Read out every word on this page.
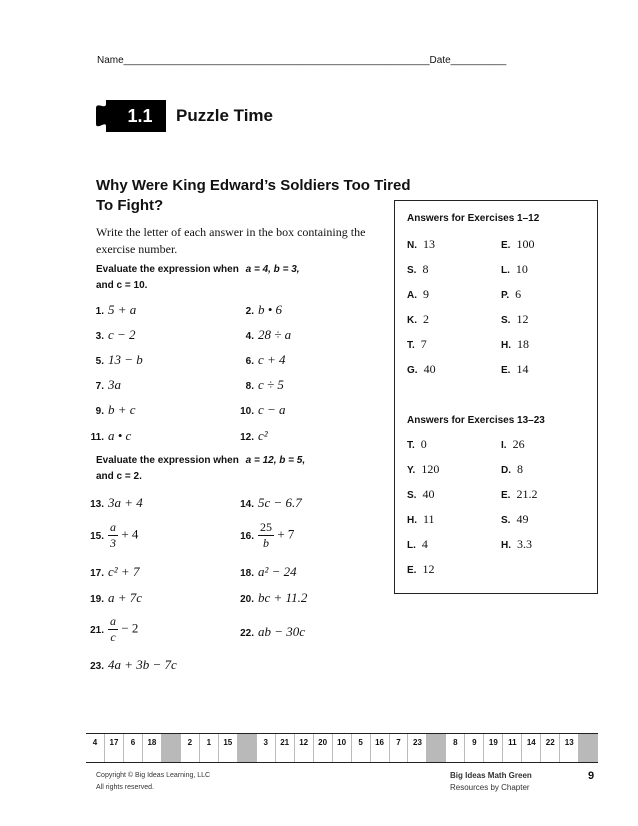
Name_______________________________________________________Date__________
1.1	Puzzle Time
Why Were King Edward’s Soldiers Too Tired
To Fight?
Write the letter of each answer in the box containing the exercise number.
Evaluate the expression when a = 4, b = 3,
and c = 10.
Evaluate the expression when a = 12, b = 5,
and c = 2.
1. 5 + a	2. b • 6
3. c − 2	4. 28 ÷ a
5. 13 − b	6. c + 4
7. 3a	8. c ÷ 5
9. b + c	10. c − a
11. a • c	12. c²
13. 3a + 4	14. 5c − 6.7
15. $\frac{a}{3} + 4$	16. $\frac{25}{b} + 7$
17. c² + 7	18. a² − 24
19. a + 7c	20. bc + 11.2
21. $\frac{a}{c} - 2$	22. ab − 30c
23. 4a + 3b − 7c
Answers for Exercises 1–12
N. 13	E. 100
S. 8	L. 10
A. 9	P. 6
K. 2	S. 12
T. 7	H. 18
G. 40	E. 14
Answers for Exercises 13–23
T. 0	I. 26
Y. 120	D. 8
S. 40	E. 21.2
H. 11	S. 49
L. 4	H. 3.3
E. 12
4	17	6	18	2	1	15	3	21	12	20	10	5	16	7	23	8	9	19	11	14	22	13
Copyright © Big Ideas Learning, LLC
All rights reserved.
Big Ideas Math Green
Resources by Chapter
9
